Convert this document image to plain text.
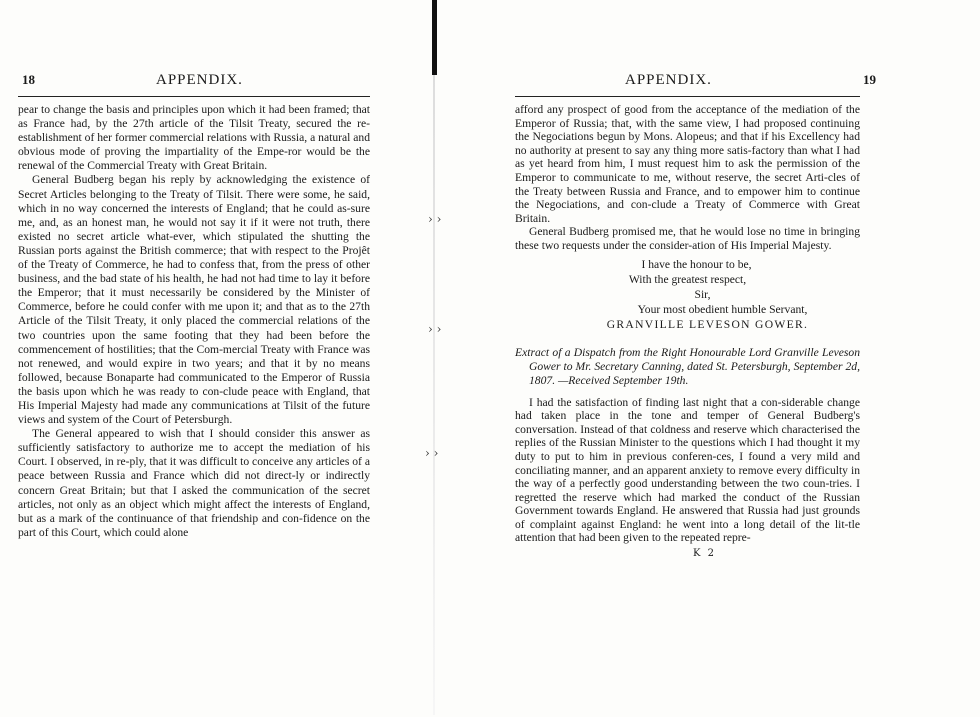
› ›
› ›
› ›
18	APPENDIX.

pear to change the basis and principles upon which it had been framed; that as France had, by the 27th article of the Tilsit Treaty, secured the re-establishment of her former commercial relations with Russia, a natural and obvious mode of proving the impartiality of the Empe-ror would be the renewal of the Commercial Treaty with Great Britain.

General Budberg began his reply by acknowledging the existence of Secret Articles belonging to the Treaty of Tilsit. There were some, he said, which in no way concerned the interests of England; that he could as-sure me, and, as an honest man, he would not say it if it were not truth, there existed no secret article what-ever, which stipulated the shutting the Russian ports against the British commerce; that with respect to the Projêt of the Treaty of Commerce, he had to confess that, from the press of other business, and the bad state of his health, he had not had time to lay it before the Emperor; that it must necessarily be considered by the Minister of Commerce, before he could confer with me upon it; and that as to the 27th Article of the Tilsit Treaty, it only placed the commercial relations of the two countries upon the same footing that they had been before the commencement of hostilities; that the Com-mercial Treaty with France was not renewed, and would expire in two years; and that it by no means followed, because Bonaparte had communicated to the Emperor of Russia the basis upon which he was ready to con-clude peace with England, that His Imperial Majesty had made any communications at Tilsit of the future views and system of the Court of Petersburgh.

The General appeared to wish that I should consider this answer as sufficiently satisfactory to authorize me to accept the mediation of his Court. I observed, in re-ply, that it was difficult to conceive any articles of a peace between Russia and France which did not direct-ly or indirectly concern Great Britain; but that I asked the communication of the secret articles, not only as an object which might affect the interests of England, but as a mark of the continuance of that friendship and con-fidence on the part of this Court, which could alone

APPENDIX.	19

afford any prospect of good from the acceptance of the mediation of the Emperor of Russia; that, with the same view, I had proposed continuing the Negociations begun by Mons. Alopeus; and that if his Excellency had no authority at present to say any thing more satis-factory than what I had as yet heard from him, I must request him to ask the permission of the Emperor to communicate to me, without reserve, the secret Arti-cles of the Treaty between Russia and France, and to empower him to continue the Negociations, and con-clude a Treaty of Commerce with Great Britain.

General Budberg promised me, that he would lose no time in bringing these two requests under the consider-ation of His Imperial Majesty.

I have the honour to be,
With the greatest respect,
Sir,
Your most obedient humble Servant,
GRANVILLE LEVESON GOWER.
Extract of a Dispatch from the Right Honourable Lord Granville Leveson Gower to Mr. Secretary Canning, dated St. Petersburgh, September 2d, 1807. —Received September 19th.

I had the satisfaction of finding last night that a con-siderable change had taken place in the tone and temper of General Budberg's conversation. Instead of that coldness and reserve which characterised the replies of the Russian Minister to the questions which I had thought it my duty to put to him in previous conferen-ces, I found a very mild and conciliating manner, and an apparent anxiety to remove every difficulty in the way of a perfectly good understanding between the two coun-tries. I regretted the reserve which had marked the conduct of the Russian Government towards England. He answered that Russia had just grounds of complaint against England: he went into a long detail of the lit-tle attention that had been given to the repeated repre-

K 2
